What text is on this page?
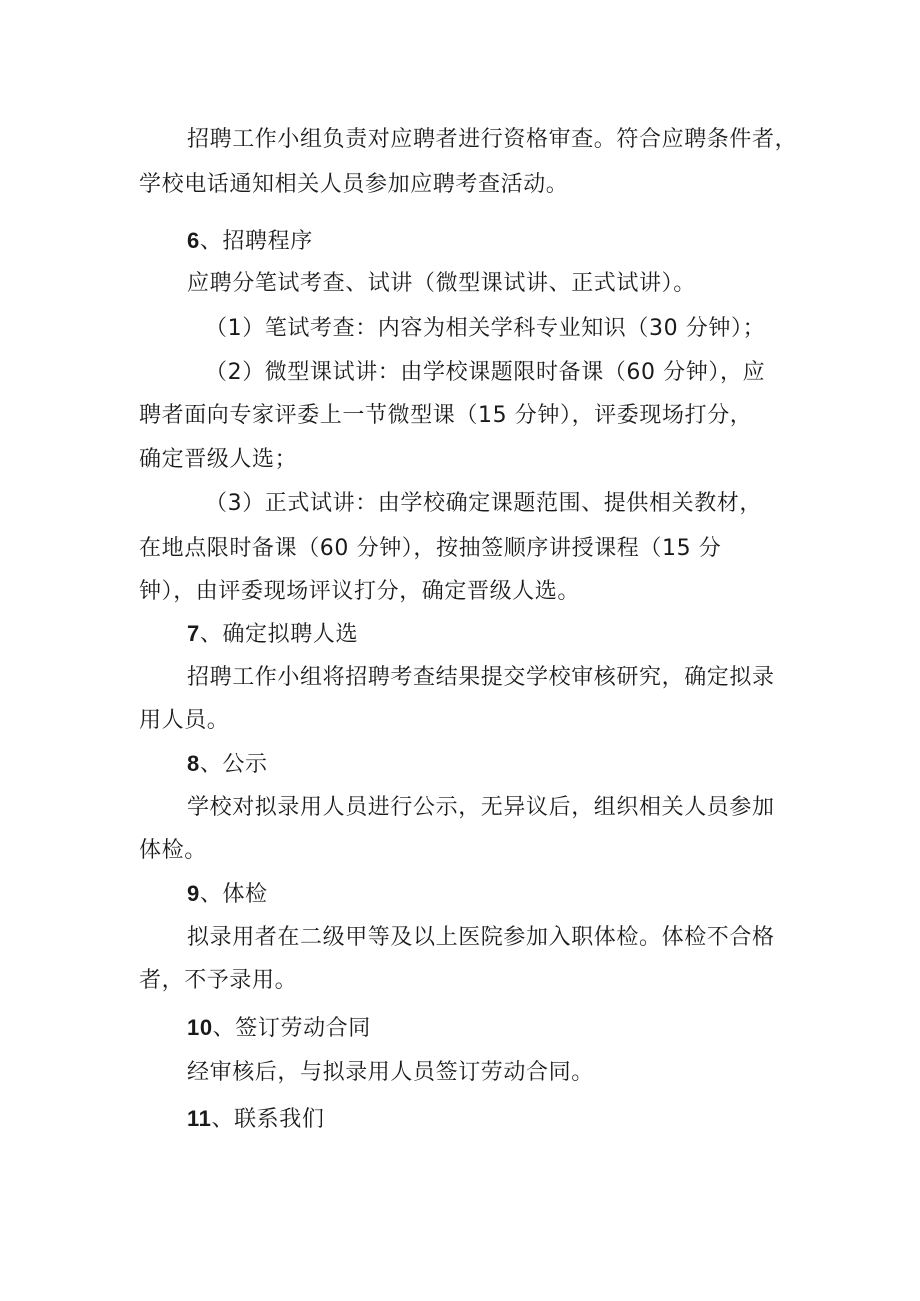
招聘工作小组负责对应聘者进行资格审查。符合应聘条件者，
学校电话通知相关人员参加应聘考查活动。
6、招聘程序
应聘分笔试考查、试讲（微型课试讲、正式试讲）。
（1）笔试考查：内容为相关学科专业知识（30 分钟）；
（2）微型课试讲：由学校课题限时备课（60 分钟），应
聘者面向专家评委上一节微型课（15 分钟），评委现场打分，
确定晋级人选；
（3）正式试讲：由学校确定课题范围、提供相关教材，
在地点限时备课（60 分钟），按抽签顺序讲授课程（15 分
钟），由评委现场评议打分，确定晋级人选。
7、确定拟聘人选
招聘工作小组将招聘考查结果提交学校审核研究，确定拟录
用人员。
8、公示
学校对拟录用人员进行公示，无异议后，组织相关人员参加
体检。
9、体检
拟录用者在二级甲等及以上医院参加入职体检。体检不合格
者，不予录用。
10、签订劳动合同
经审核后，与拟录用人员签订劳动合同。
11、联系我们
